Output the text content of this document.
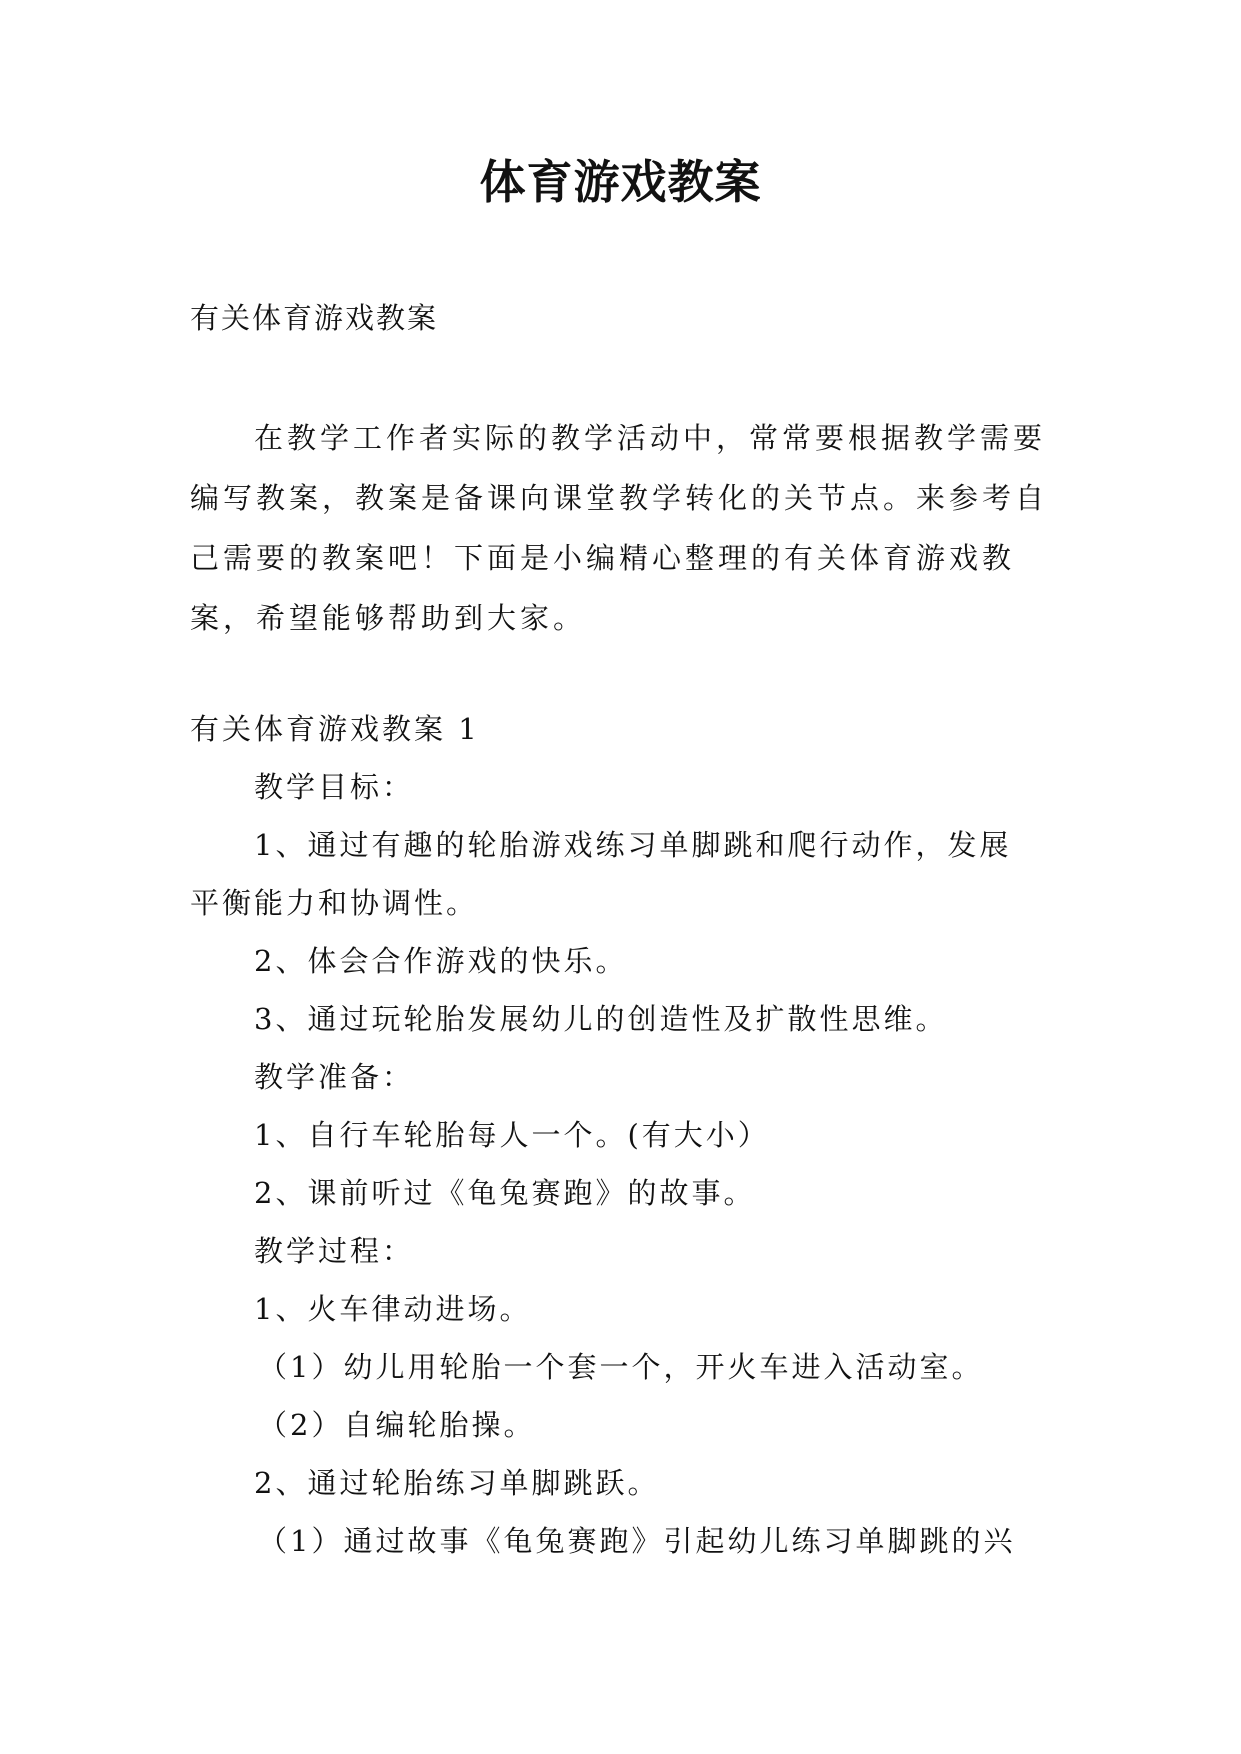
体育游戏教案

有关体育游戏教案

在教学工作者实际的教学活动中，常常要根据教学需要编写教案，教案是备课向课堂教学转化的关节点。来参考自己需要的教案吧！下面是小编精心整理的有关体育游戏教案，希望能够帮助到大家。

有关体育游戏教案 1

教学目标：

1、通过有趣的轮胎游戏练习单脚跳和爬行动作，发展

平衡能力和协调性。

2、体会合作游戏的快乐。

3、通过玩轮胎发展幼儿的创造性及扩散性思维。

教学准备：

1、自行车轮胎每人一个。(有大小）

2、课前听过《龟兔赛跑》的故事。

教学过程：

1、火车律动进场。

（1）幼儿用轮胎一个套一个，开火车进入活动室。

（2）自编轮胎操。

2、通过轮胎练习单脚跳跃。

（1）通过故事《龟兔赛跑》引起幼儿练习单脚跳的兴
